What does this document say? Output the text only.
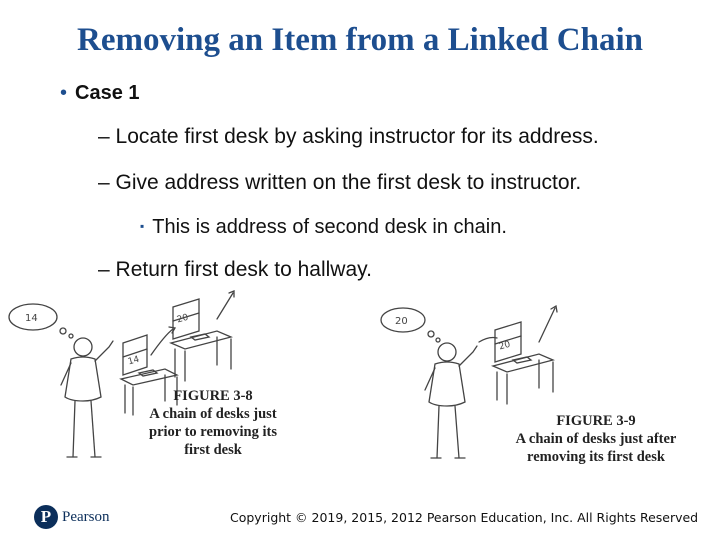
Removing an Item from a Linked Chain
• Case 1
– Locate first desk by asking instructor for its address.
– Give address written on the first desk to instructor.
▪ This is address of second desk in chain.
– Return first desk to hallway.
14	20
14
FIGURE 3-8
A chain of desks just
prior to removing its
first desk
20
20
FIGURE 3-9
A chain of desks just after
removing its first desk
P Pearson	Copyright © 2019, 2015, 2012 Pearson Education, Inc. All Rights Reserved
